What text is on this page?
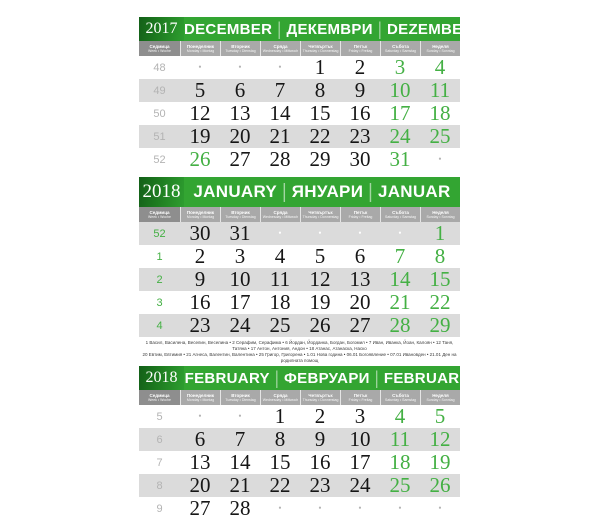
2017 DECEMBER | ДЕКЕМВРИ | DEZEMBER
Седмица
Week • Woche
Понеделник
Monday • Montag
Вторник
Tuesday • Dienstag
Сряда
Wednesday • Mittwoch
Четвъртък
Thursday • Donnerstag
Петък
Friday • Freitag
Събота
Saturday • Samstag
Неделя
Sunday • Sonntag
48	•	•	•	1	2	3	4
49	5	6	7	8	9	10 11
50	12 13 14 15 16 17 18
51	19 20 21 22 23 24 25
52	26 27 28 29 30 31	•
2018 JANUARY | ЯНУАРИ | JANUAR
Седмица
Week • Woche
Понеделник
Monday • Montag
Вторник
Tuesday • Dienstag
Сряда
Wednesday • Mittwoch
Четвъртък
Thursday • Donnerstag
Петък
Friday • Freitag
Събота
Saturday • Samstag
Неделя
Sunday • Sonntag
52	30 31	•	•	•	•	1
1	2	3	4	5	6	7	8
2	9	10 11 12 13 14 15
3	16 17 18 19 20 21 22
4	23 24 25 26 27 28 29
1 Васил, Василена, Веселин, Веселина • 2 Серафим, Серафима • 6 Йордан, Йорданка, Богдан, Богомил • 7 Иван, Иванка, Йоан, Калоян • 12 Таня, Татяна • 17 Антон, Антония, Андон • 18 Атанас, Атанаска, Наско
20 Евтим, Евтимия • 21 Агнеса, Валентин, Валентина • 25 Григор, Григорена • 1.01 Нова година • 06.01 Богоявление • 07.01 Ивановден • 21.01 Ден на родилната помощ
2018 FEBRUARY | ФЕВРУАРИ | FEBRUAR
Седмица
Week • Woche
Понеделник
Monday • Montag
Вторник
Tuesday • Dienstag
Сряда
Wednesday • Mittwoch
Четвъртък
Thursday • Donnerstag
Петък
Friday • Freitag
Събота
Saturday • Samstag
Неделя
Sunday • Sonntag
5	•	•	1	2	3	4	5
6	6	7	8	9	10 11 12
7	13 14 15 16 17 18 19
8	20 21 22 23 24 25 26
9	27 28	•	•	•	•	•
